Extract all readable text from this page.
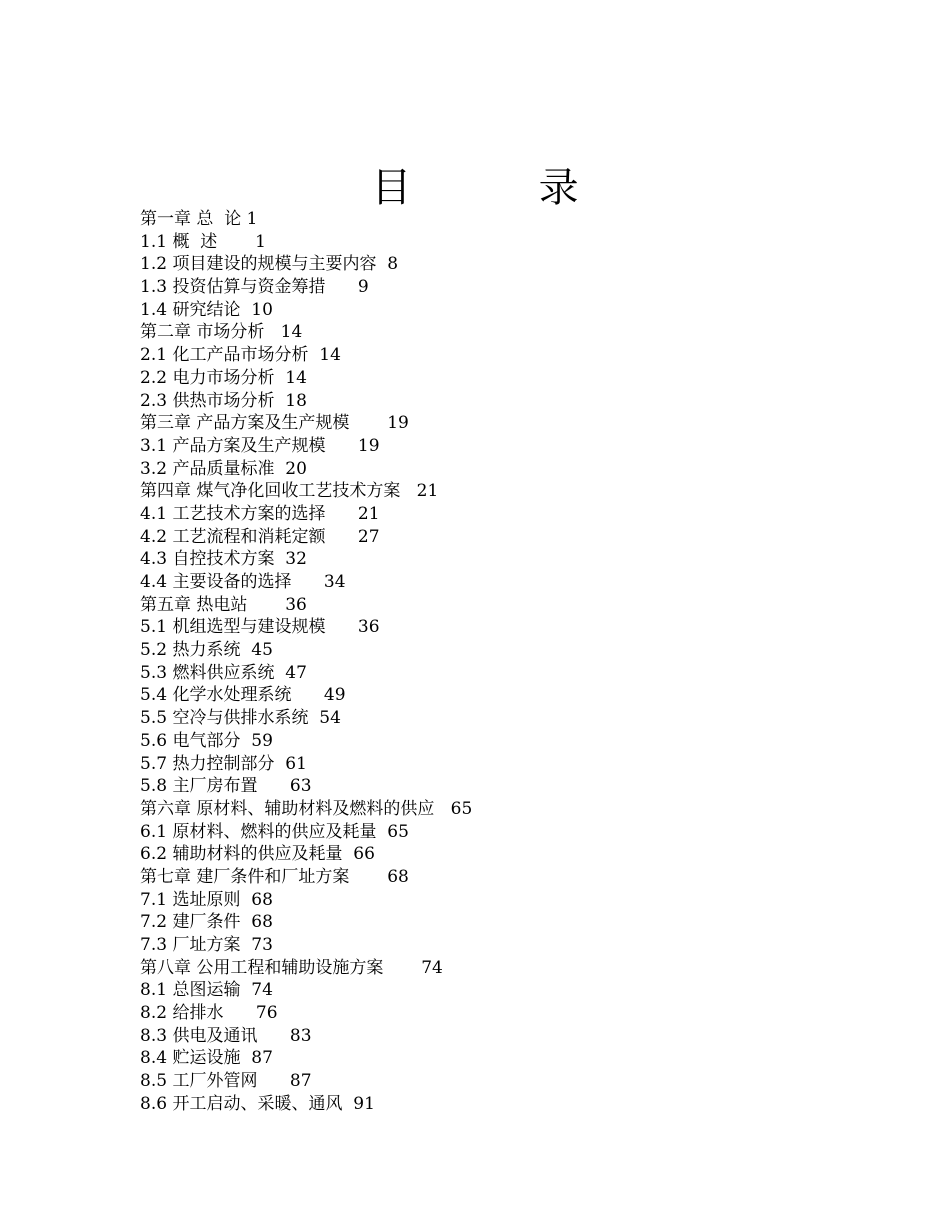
目          录
第一章 总  论 1
1.1 概  述 1
1.2 项目建设的规模与主要内容 8
1.3 投资估算与资金筹措 9
1.4 研究结论 10
第二章 市场分析 14
2.1 化工产品市场分析 14
2.2 电力市场分析 14
2.3 供热市场分析 18
第三章 产品方案及生产规模 19
3.1 产品方案及生产规模 19
3.2 产品质量标准 20
第四章 煤气净化回收工艺技术方案 21
4.1 工艺技术方案的选择 21
4.2 工艺流程和消耗定额 27
4.3 自控技术方案 32
4.4 主要设备的选择 34
第五章 热电站 36
5.1 机组选型与建设规模 36
5.2 热力系统 45
5.3 燃料供应系统 47
5.4 化学水处理系统 49
5.5 空冷与供排水系统 54
5.6 电气部分 59
5.7 热力控制部分 61
5.8 主厂房布置 63
第六章 原材料、辅助材料及燃料的供应 65
6.1 原材料、燃料的供应及耗量 65
6.2 辅助材料的供应及耗量 66
第七章 建厂条件和厂址方案 68
7.1 选址原则 68
7.2 建厂条件 68
7.3 厂址方案 73
第八章 公用工程和辅助设施方案 74
8.1 总图运输 74
8.2 给排水 76
8.3 供电及通讯 83
8.4 贮运设施 87
8.5 工厂外管网 87
8.6 开工启动、采暖、通风 91
